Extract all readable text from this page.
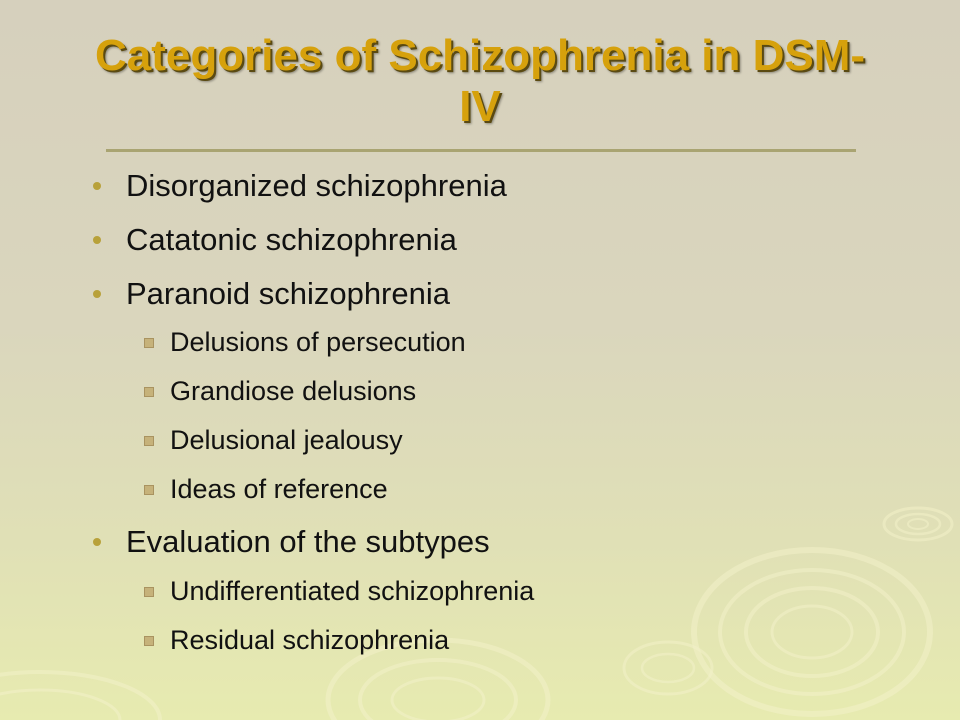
Categories of Schizophrenia in DSM-IV
Disorganized schizophrenia
Catatonic schizophrenia
Paranoid schizophrenia
Delusions of persecution
Grandiose delusions
Delusional jealousy
Ideas of reference
Evaluation of the subtypes
Undifferentiated schizophrenia
Residual schizophrenia
